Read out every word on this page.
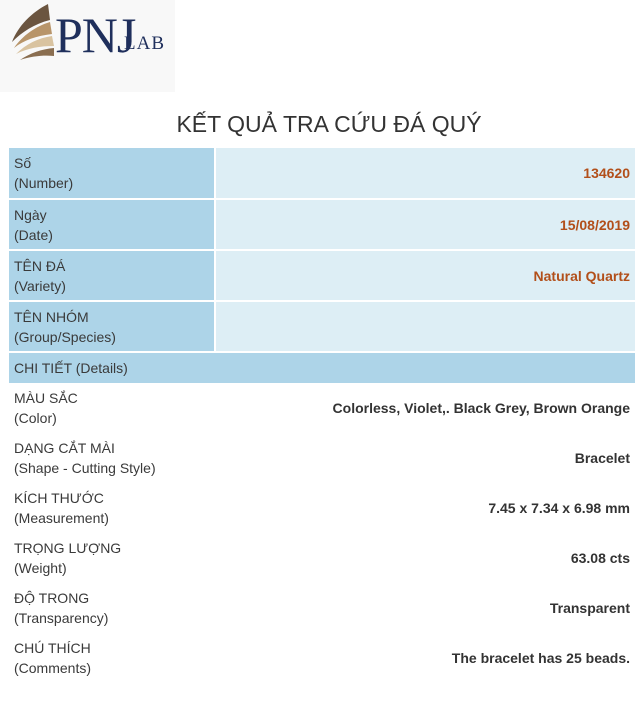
PNJ
LAB
KẾT QUẢ TRA CỨU ĐÁ QUÝ
Số
(Number)	134620

Ngày
(Date)	15/08/2019

TÊN ĐÁ
(Variety)	Natural Quartz

TÊN NHÓM
(Group/Species)	

CHI TIẾT (Details)	

MÀU SẮC
(Color)	Colorless, Violet,. Black Grey, Brown Orange

DẠNG CẮT MÀI
(Shape - Cutting Style)	Bracelet

KÍCH THƯỚC
(Measurement)	7.45 x 7.34 x 6.98 mm

TRỌNG LƯỢNG
(Weight)	63.08 cts

ĐỘ TRONG
(Transparency)	Transparent

CHÚ THÍCH
(Comments)	The bracelet has 25 beads.
